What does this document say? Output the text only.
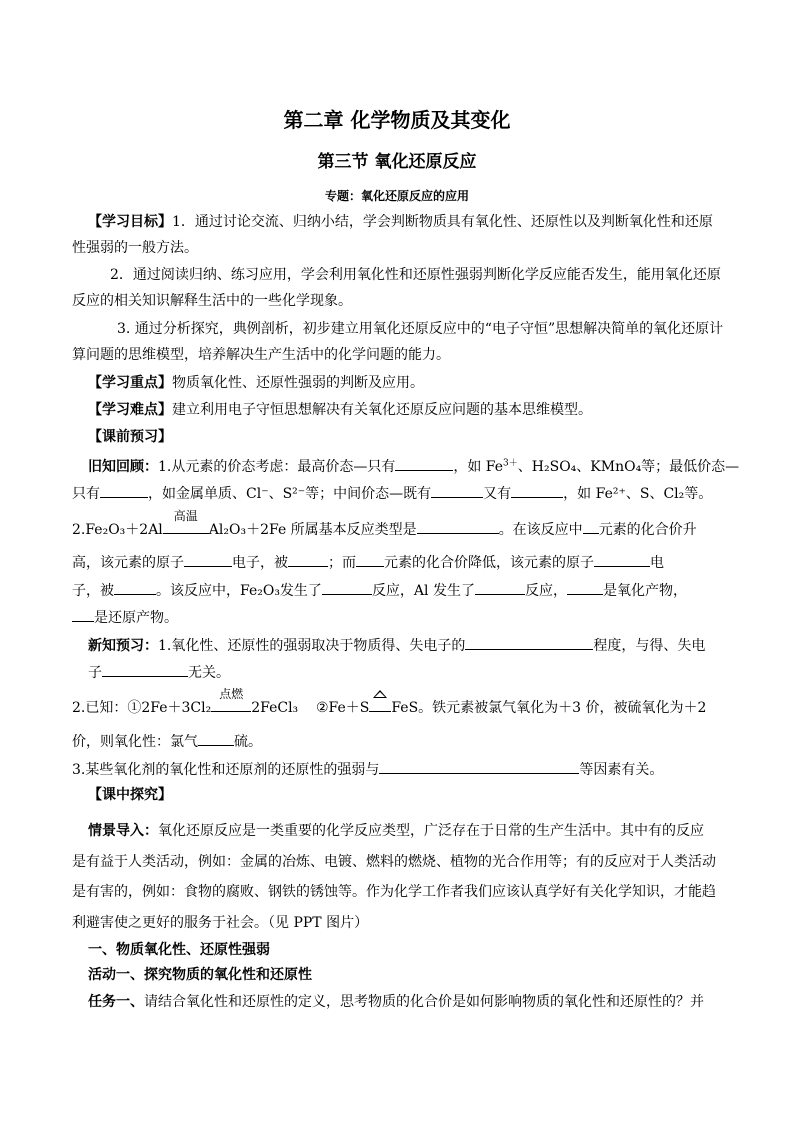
第二章 化学物质及其变化
第三节 氧化还原反应
专题：氧化还原反应的应用
【学习目标】1．通过讨论交流、归纳小结，学会判断物质具有氧化性、还原性以及判断氧化性和还原
性强弱的一般方法。
2．通过阅读归纳、练习应用，学会利用氧化性和还原性强弱判断化学反应能否发生，能用氧化还原
反应的相关知识解释生活中的一些化学现象。
3. 通过分析探究，典例剖析，初步建立用氧化还原反应中的“电子守恒”思想解决简单的氧化还原计
算问题的思维模型，培养解决生产生活中的化学问题的能力。
【学习重点】物质氧化性、还原性强弱的判断及应用。
【学习难点】建立利用电子守恒思想解决有关氧化还原反应问题的基本思维模型。
【课前预习】
旧知回顾：1.从元素的价态考虑：最高价态—只有	，如 $Fe^{3+}$、H₂SO₄、KMnO₄等；最低价态—
只有	，如金属单质、Cl⁻、S²⁻等；中间价态—既有	又有	，如 Fe²⁺、S、Cl₂等。
2.Fe₂O₃＋2Al
高温
Al₂O₃＋2Fe 所属基本反应类型是	。在该反应中 元素的化合价升
高，该元素的原子	电子，被	；而 元素的化合价降低，该元素的原子	电
子，被	。该反应中，Fe₂O₃发生了	反应，Al 发生了	反应，	是氧化产物，
是还原产物。
新知预习：1.氧化性、还原性的强弱取决于物质得、失电子的	程度，与得、失电
子	无关。
2.已知：①2Fe＋3Cl₂
点燃
2FeCl₃ ②Fe＋S FeS。铁元素被氯气氧化为＋3 价，被硫氧化为＋2
价，则氧化性：氯气	硫。
3.某些氧化剂的氧化性和还原剂的还原性的强弱与	等因素有关。
【课中探究】
情景导入：氧化还原反应是一类重要的化学反应类型，广泛存在于日常的生产生活中。其中有的反应
是有益于人类活动，例如：金属的冶炼、电镀、燃料的燃烧、植物的光合作用等；有的反应对于人类活动
是有害的，例如：食物的腐败、钢铁的锈蚀等。作为化学工作者我们应该认真学好有关化学知识，才能趋
利避害使之更好的服务于社会。（见 PPT 图片）
一、物质氧化性、还原性强弱
活动一、探究物质的氧化性和还原性
任务一、请结合氧化性和还原性的定义，思考物质的化合价是如何影响物质的氧化性和还原性的？并
